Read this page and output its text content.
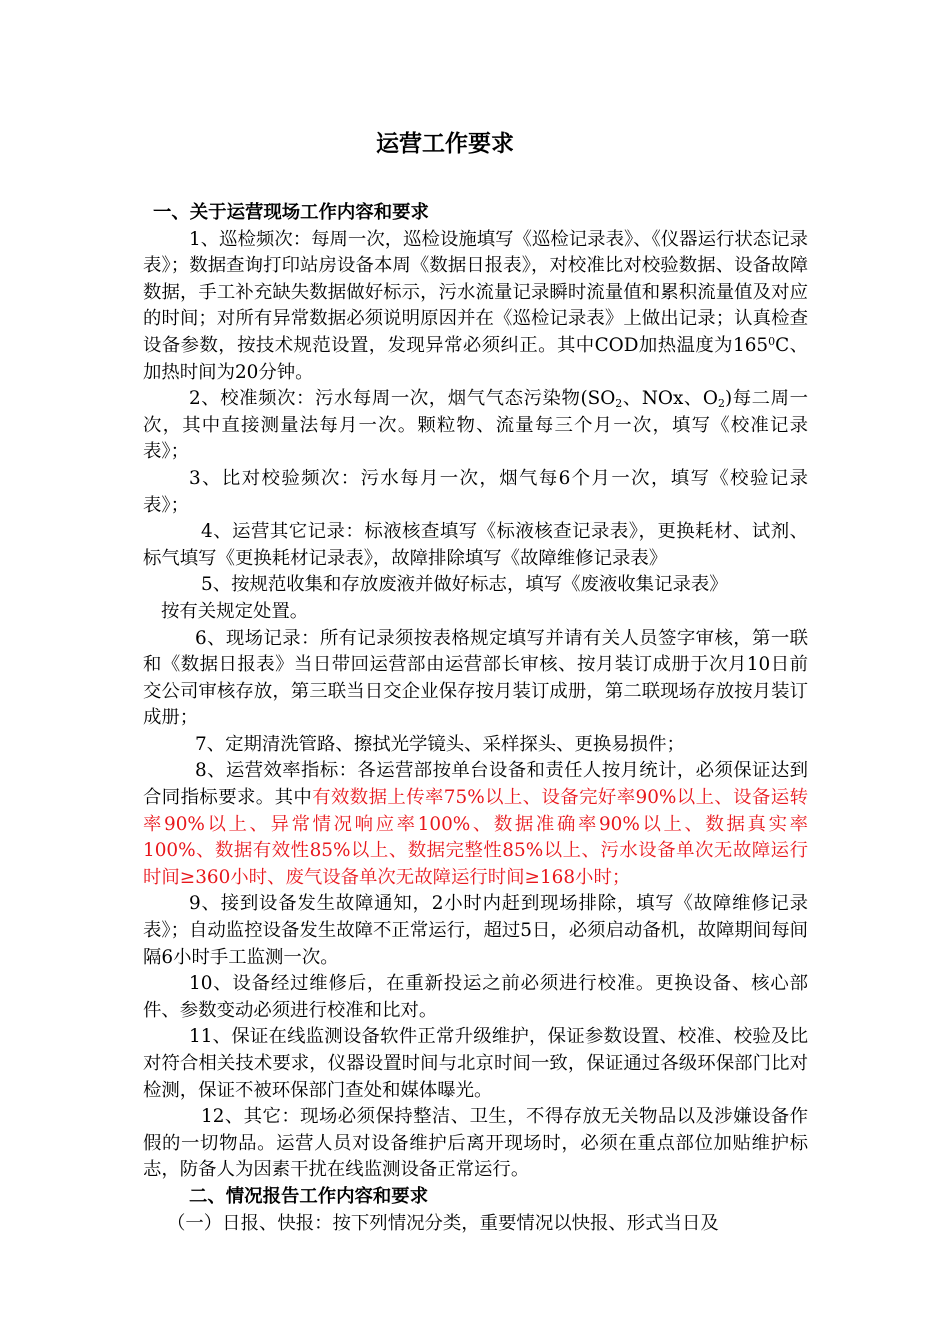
运营工作要求

一、关于运营现场工作内容和要求

1、巡检频次：每周一次，巡检设施填写《巡检记录表》、《仪器运行状态记录表》；数据查询打印站房设备本周《数据日报表》，对校准比对校验数据、设备故障数据，手工补充缺失数据做好标示，污水流量记录瞬时流量值和累积流量值及对应的时间；对所有异常数据必须说明原因并在《巡检记录表》上做出记录；认真检查设备参数，按技术规范设置，发现异常必须纠正。其中COD加热温度为$165^0C$、加热时间为20分钟。

2、校准频次：污水每周一次，烟气气态污染物($SO_2$、NOx、$O_2$)每二周一次，其中直接测量法每月一次。颗粒物、流量每三个月一次，填写《校准记录表》；

3、比对校验频次：污水每月一次，烟气每6个月一次，填写《校验记录表》；

4、运营其它记录：标液核查填写《标液核查记录表》，更换耗材、试剂、标气填写《更换耗材记录表》，故障排除填写《故障维修记录表》

5、按规范收集和存放废液并做好标志，填写《废液收集记录表》

按有关规定处置。

6、现场记录：所有记录须按表格规定填写并请有关人员签字审核，第一联和《数据日报表》当日带回运营部由运营部长审核、按月装订成册于次月10日前交公司审核存放，第三联当日交企业保存按月装订成册，第二联现场存放按月装订成册；

7、定期清洗管路、擦拭光学镜头、采样探头、更换易损件；

8、运营效率指标：各运营部按单台设备和责任人按月统计，必须保证达到合同指标要求。其中有效数据上传率75%以上、设备完好率90%以上、设备运转率90%以上、异常情况响应率100%、数据准确率90%以上、数据真实率100%、数据有效性85%以上、数据完整性85%以上、污水设备单次无故障运行时间≥360小时、废气设备单次无故障运行时间≥168小时；

9、接到设备发生故障通知，2小时内赶到现场排除，填写《故障维修记录表》；自动监控设备发生故障不正常运行，超过5日，必须启动备机，故障期间每间隔6小时手工监测一次。

10、设备经过维修后，在重新投运之前必须进行校准。更换设备、核心部件、参数变动必须进行校准和比对。

11、保证在线监测设备软件正常升级维护，保证参数设置、校准、校验及比对符合相关技术要求，仪器设置时间与北京时间一致，保证通过各级环保部门比对检测，保证不被环保部门查处和媒体曝光。

12、其它：现场必须保持整洁、卫生，不得存放无关物品以及涉嫌设备作假的一切物品。运营人员对设备维护后离开现场时，必须在重点部位加贴维护标志，防备人为因素干扰在线监测设备正常运行。

二、情况报告工作内容和要求

（一）日报、快报：按下列情况分类，重要情况以快报、形式当日及
